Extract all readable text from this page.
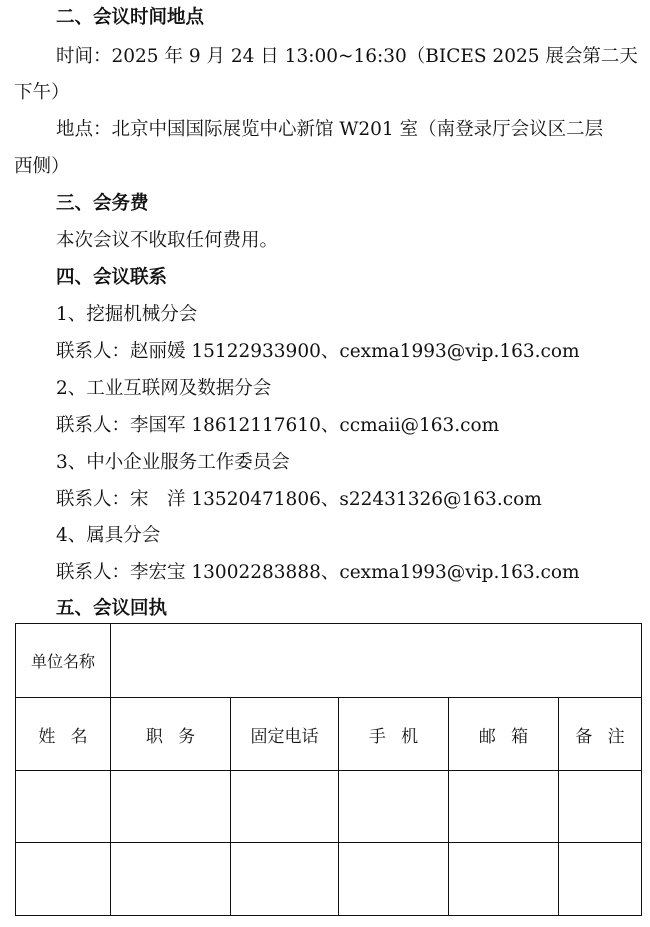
二、会议时间地点
时间：2025 年 9 月 24 日 13:00~16:30（BICES 2025 展会第二天
下午）
地点：北京中国国际展览中心新馆 W201 室（南登录厅会议区二层
西侧）
三、会务费
本次会议不收取任何费用。
四、会议联系
1、挖掘机械分会
联系人：赵丽媛 15122933900、cexma1993@vip.163.com
2、工业互联网及数据分会
联系人：李国军 18612117610、ccmaii@163.com
3、中小企业服务工作委员会
联系人：宋　洋 13520471806、s22431326@163.com
4、属具分会
联系人：李宏宝 13002283888、cexma1993@vip.163.com
五、会议回执
单位名称					
姓名	职务	固定电话	手机	邮箱	备注
